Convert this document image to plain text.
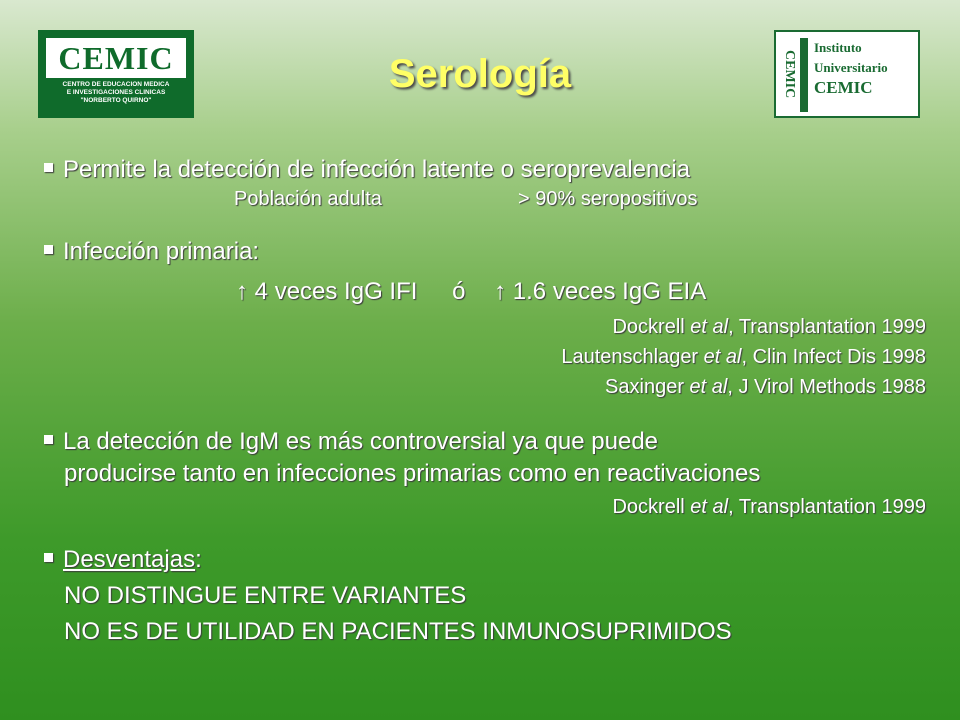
CEMIC
CENTRO DE EDUCACION MEDICA
E INVESTIGACIONES CLINICAS
"NORBERTO QUIRNO"
CEMIC
Instituto
Universitario
CEMIC
Serología
Permite la detección de infección latente o seroprevalencia
Población adulta	> 90% seropositivos
Infección primaria:
↑ 4 veces IgG IFI ó ↑ 1.6 veces IgG EIA
Dockrell et al, Transplantation 1999
Lautenschlager et al, Clin Infect Dis 1998
Saxinger et al, J Virol Methods 1988
La detección de IgM es más controversial ya que puede
producirse tanto en infecciones primarias como en reactivaciones
Dockrell et al, Transplantation 1999
Desventajas:
NO DISTINGUE ENTRE VARIANTES
NO ES DE UTILIDAD EN PACIENTES INMUNOSUPRIMIDOS
